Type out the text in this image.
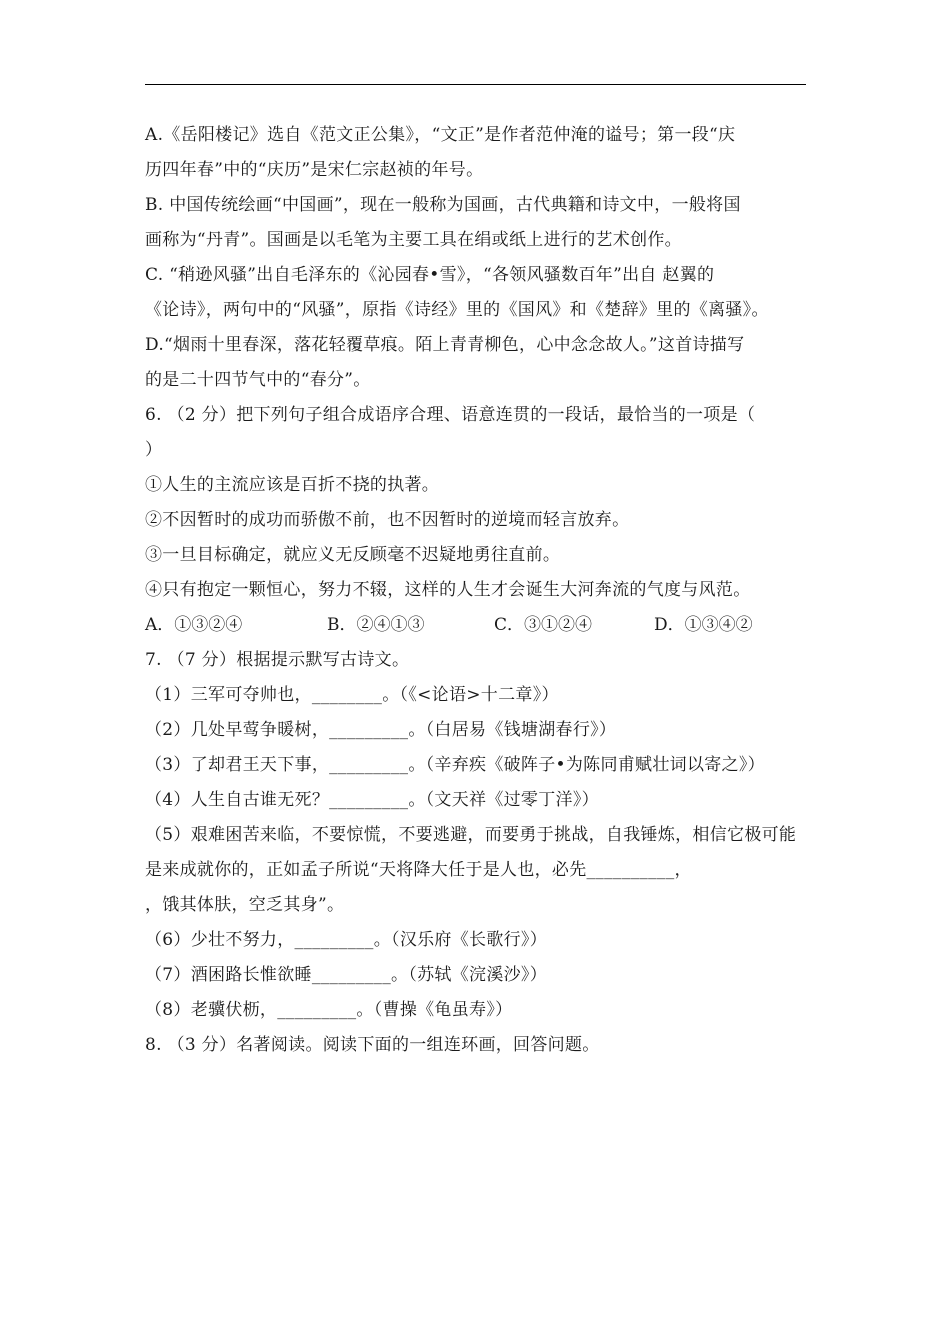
A.《岳阳楼记》选自《范文正公集》，“文正”是作者范仲淹的谥号；第一段“庆
历四年春”中的“庆历”是宋仁宗赵祯的年号。
B. 中国传统绘画“中国画”，现在一般称为国画，古代典籍和诗文中，一般将国
画称为“丹青”。国画是以毛笔为主要工具在绢或纸上进行的艺术创作。
C. “稍逊风骚”出自毛泽东的《沁园春•雪》，“各领风骚数百年”出自 赵翼的
《论诗》，两句中的“风骚”，原指《诗经》里的《国风》和《楚辞》里的《离骚》。
D.“烟雨十里春深，落花轻覆草痕。陌上青青柳色，心中念念故人。”这首诗描写
的是二十四节气中的“春分”。
6. （2 分）把下列句子组合成语序合理、语意连贯的一段话，最恰当的一项是（
）
①人生的主流应该是百折不挠的执著。
②不因暂时的成功而骄傲不前，也不因暂时的逆境而轻言放弃。
③一旦目标确定，就应义无反顾毫不迟疑地勇往直前。
④只有抱定一颗恒心，努力不辍，这样的人生才会诞生大河奔流的气度与风范。
A．①③②④	B．②④①③	C．③①②④	D．①③④②
7. （7 分）根据提示默写古诗文。
（1）三军可夺帅也，________。（《<论语>十二章》）
（2）几处早莺争暖树，_________。（白居易《钱塘湖春行》）
（3）了却君王天下事，_________。（辛弃疾《破阵子•为陈同甫赋壮词以寄之》）
（4）人生自古谁无死？_________。（文天祥《过零丁洋》）
（5）艰难困苦来临，不要惊慌，不要逃避，而要勇于挑战，自我锤炼，相信它极可能
是来成就你的，正如孟子所说“天将降大任于是人也，必先__________，
，饿其体肤，空乏其身”。
（6）少壮不努力，_________。（汉乐府《长歌行》）
（7）酒困路长惟欲睡_________。（苏轼《浣溪沙》）
（8）老骥伏枥，_________。（曹操《龟虽寿》）
8. （3 分）名著阅读。阅读下面的一组连环画，回答问题。
